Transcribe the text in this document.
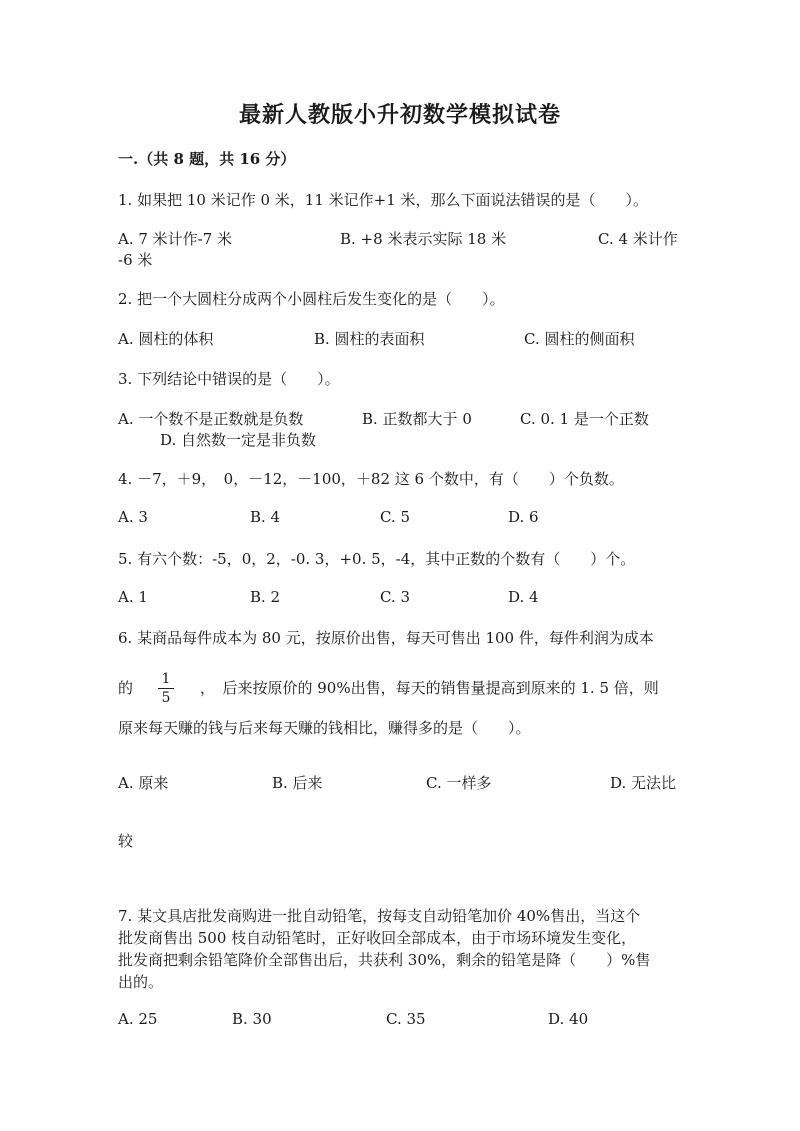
最新人教版小升初数学模拟试卷
一.（共 8 题，共 16 分）
1. 如果把 10 米记作 0 米，11 米记作+1 米，那么下面说法错误的是（　　）。
A. 7 米计作-7 米	B. +8 米表示实际 18 米	C. 4 米计作
-6 米
2. 把一个大圆柱分成两个小圆柱后发生变化的是（　　）。
A. 圆柱的体积	B. 圆柱的表面积	C. 圆柱的侧面积
3. 下列结论中错误的是（　　）。
A. 一个数不是正数就是负数	B. 正数都大于 0	C. 0. 1 是一个正数
D. 自然数一定是非负数
4. －7，＋9，　0，－12，－100，＋82 这 6 个数中，有（　　）个负数。
A. 3	B. 4	C. 5	D. 6
5. 有六个数：-5，0，2，-0. 3，+0. 5，-4，其中正数的个数有（　　）个。
A. 1	B. 2	C. 3	D. 4
6. 某商品每件成本为 80 元，按原价出售，每天可售出 100 件，每件利润为成本
的 1
5
，　后来按原价的 90%出售，每天的销售量提高到原来的 1. 5 倍，则
原来每天赚的钱与后来每天赚的钱相比，赚得多的是（　　）。
A. 原来	B. 后来	C. 一样多	D. 无法比
较
7. 某文具店批发商购进一批自动铅笔，按每支自动铅笔加价 40%售出，当这个
批发商售出 500 枝自动铅笔时，正好收回全部成本，由于市场环境发生变化，
批发商把剩余铅笔降价全部售出后，共获利 30%，剩余的铅笔是降（　　）%售
出的。
A. 25	B. 30	C. 35	D. 40
